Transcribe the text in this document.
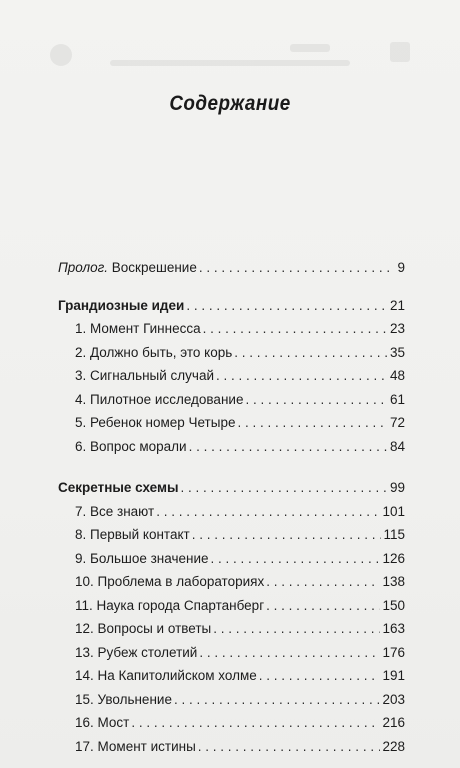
Содержание
Пролог. Воскрешение . . .	9
Грандиозные идеи . . .	21
1. Момент Гиннесса . . .	23
2. Должно быть, это корь . . .	35
3. Сигнальный случай . . .	48
4. Пилотное исследование . . .	61
5. Ребенок номер Четыре . . .	72
6. Вопрос морали . . .	84
Секретные схемы . . .	99
7. Все знают . . .	101
8. Первый контакт . . .	115
9. Большое значение . . .	126
10. Проблема в лабораториях . . .	138
11. Наука города Спартанберг . . .	150
12. Вопросы и ответы . . .	163
13. Рубеж столетий . . .	176
14. На Капитолийском холме . . .	191
15. Увольнение . . .	203
16. Мост . . .	216
17. Момент истины . . .	228
